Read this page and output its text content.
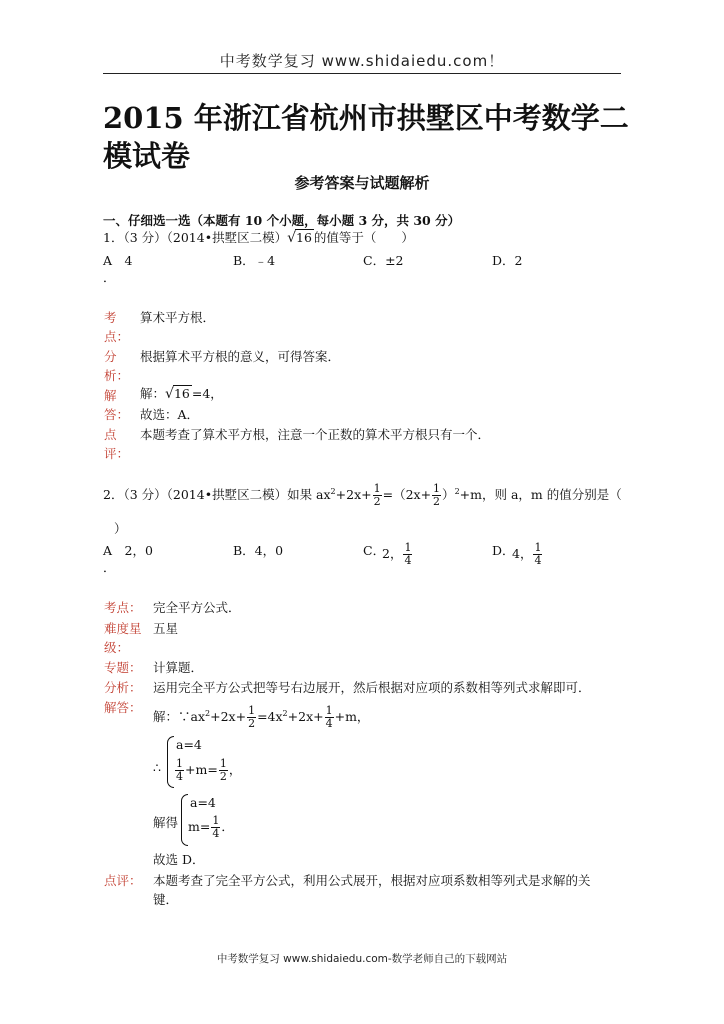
中考数学复习 www.shidaiedu.com！
2015 年浙江省杭州市拱墅区中考数学二
模试卷
参考答案与试题解析
一、仔细选一选（本题有 10 个小题，每小题 3 分，共 30 分）
1．（3 分）（2014•拱墅区二模）√16 的值等于（　　）
A　4	B．﹣4	C．±2	D．2
．
考
点：
算术平方根．
分
析：
根据算术平方根的意义，可得答案．
解
答：
解：√16 =4，
故选：A．
点
评：
本题考查了算术平方根，注意一个正数的算术平方根只有一个．
2．（3 分）（2014•拱墅区二模）如果 $ax^2+2x+ \frac{1}{2} =(2x+ \frac{1}{2} )^2+m$，则 a，m 的值分别是（
）
A　2，0	B．4，0	C．
2， $\frac{1}{4}$	D．
4， $\frac{1}{4}$
．
考点： 完全平方公式．
难度星
级：
五星
专题： 计算题．
分析： 运用完全平方公式把等号右边展开，然后根据对应项的系数相等列式求解即可．
解答：
解：$\because ax^2+2x+ \frac{1}{2} =4x^2+2x+ \frac{1}{4} +m$，
∴
a=4
$\frac{1}{4} +m= \frac{1}{2}$ ，
解得
a=4
$m= \frac{1}{4}$ ．
故选 D．
点评： 本题考查了完全平方公式，利用公式展开，根据对应项系数相等列式是求解的关
键．
中考数学复习 www.shidaiedu.com-数学老师自己的下载网站
